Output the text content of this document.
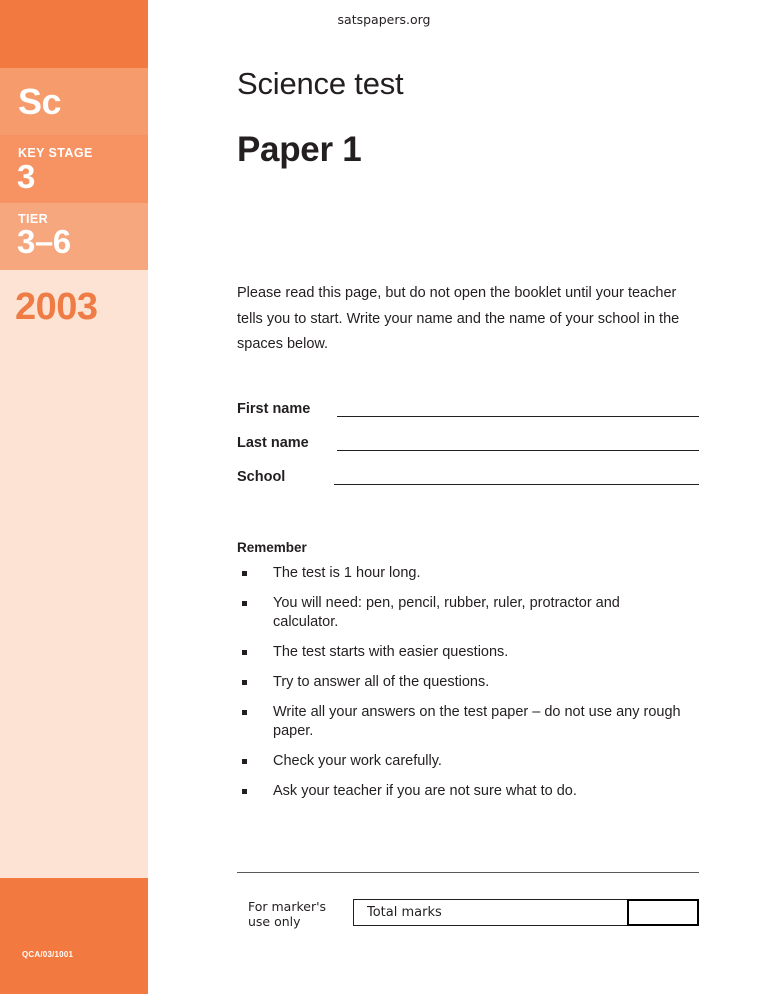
Sc
KEY STAGE
3
TIER
3–6
2003
QCA/03/1001
satspapers.org
Science test
Paper 1
Please read this page, but do not open the booklet until your teacher tells you to start. Write your name and the name of your school in the spaces below.
First name
Last name
School
Remember
The test is 1 hour long.
You will need: pen, pencil, rubber, ruler, protractor and calculator.
The test starts with easier questions.
Try to answer all of the questions.
Write all your answers on the test paper – do not use any rough paper.
Check your work carefully.
Ask your teacher if you are not sure what to do.
For marker's
use only
Total marks
